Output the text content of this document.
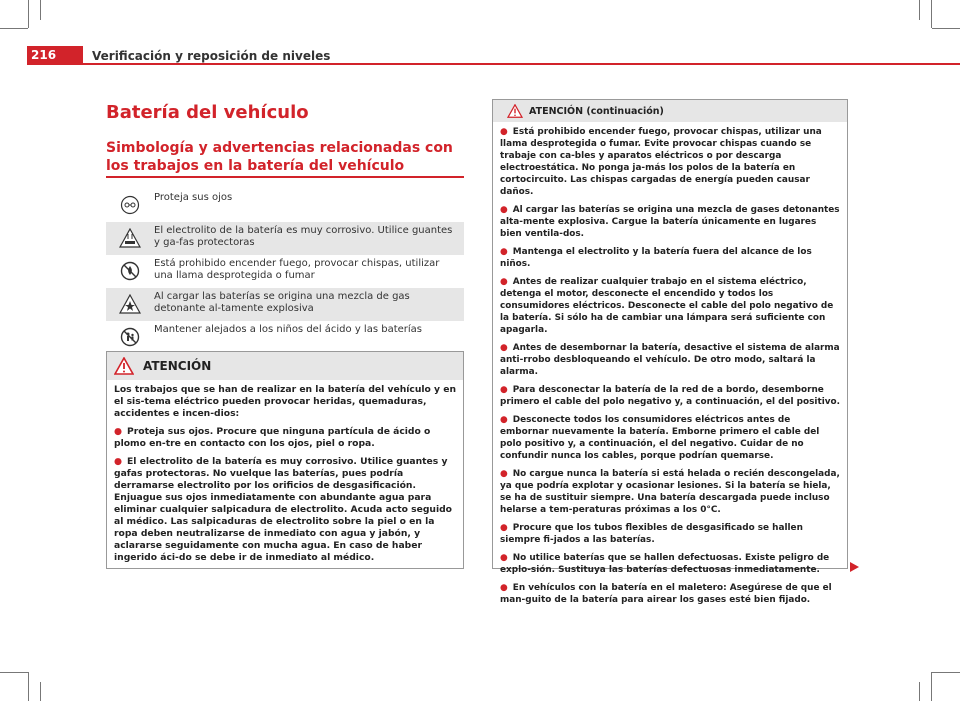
216	Verificación y reposición de niveles
Batería del vehículo
Simbología y advertencias relacionadas con los trabajos en la batería del vehículo
Proteja sus ojos
El electrolito de la batería es muy corrosivo. Utilice guantes y ga-fas protectoras
Está prohibido encender fuego, provocar chispas, utilizar una llama desprotegida o fumar
Al cargar las baterías se origina una mezcla de gas detonante al-tamente explosiva
Mantener alejados a los niños del ácido y las baterías
ATENCIÓN

Los trabajos que se han de realizar en la batería del vehículo y en el sis-tema eléctrico pueden provocar heridas, quemaduras, accidentes e incen-dios:

● Proteja sus ojos. Procure que ninguna partícula de ácido o plomo en-tre en contacto con los ojos, piel o ropa.

● El electrolito de la batería es muy corrosivo. Utilice guantes y gafas protectoras. No vuelque las baterías, pues podría derramarse electrolito por los orificios de desgasificación. Enjuague sus ojos inmediatamente con abundante agua para eliminar cualquier salpicadura de electrolito. Acuda acto seguido al médico. Las salpicaduras de electrolito sobre la piel o en la ropa deben neutralizarse de inmediato con agua y jabón, y aclararse seguidamente con mucha agua. En caso de haber ingerido áci-do se debe ir de inmediato al médico.

ATENCIÓN (continuación)

● Está prohibido encender fuego, provocar chispas, utilizar una llama desprotegida o fumar. Evite provocar chispas cuando se trabaje con ca-bles y aparatos eléctricos o por descarga electroestática. No ponga ja-más los polos de la batería en cortocircuito. Las chispas cargadas de energía pueden causar daños.

● Al cargar las baterías se origina una mezcla de gases detonantes alta-mente explosiva. Cargue la batería únicamente en lugares bien ventila-dos.

● Mantenga el electrolito y la batería fuera del alcance de los niños.

● Antes de realizar cualquier trabajo en el sistema eléctrico, detenga el motor, desconecte el encendido y todos los consumidores eléctricos. Desconecte el cable del polo negativo de la batería. Si sólo ha de cambiar una lámpara será suficiente con apagarla.

● Antes de desembornar la batería, desactive el sistema de alarma anti-rrobo desbloqueando el vehículo. De otro modo, saltará la alarma.

● Para desconectar la batería de la red de a bordo, desemborne primero el cable del polo negativo y, a continuación, el del positivo.

● Desconecte todos los consumidores eléctricos antes de embornar nuevamente la batería. Emborne primero el cable del polo positivo y, a continuación, el del negativo. Cuidar de no confundir nunca los cables, porque podrían quemarse.

● No cargue nunca la batería si está helada o recién descongelada, ya que podría explotar y ocasionar lesiones. Si la batería se hiela, se ha de sustituir siempre. Una batería descargada puede incluso helarse a tem-peraturas próximas a los 0°C.

● Procure que los tubos flexibles de desgasificado se hallen siempre fi-jados a las baterías.

● No utilice baterías que se hallen defectuosas. Existe peligro de explo-sión. Sustituya las baterías defectuosas inmediatamente.

● En vehículos con la batería en el maletero: Asegúrese de que el man-guito de la batería para airear los gases esté bien fijado.
